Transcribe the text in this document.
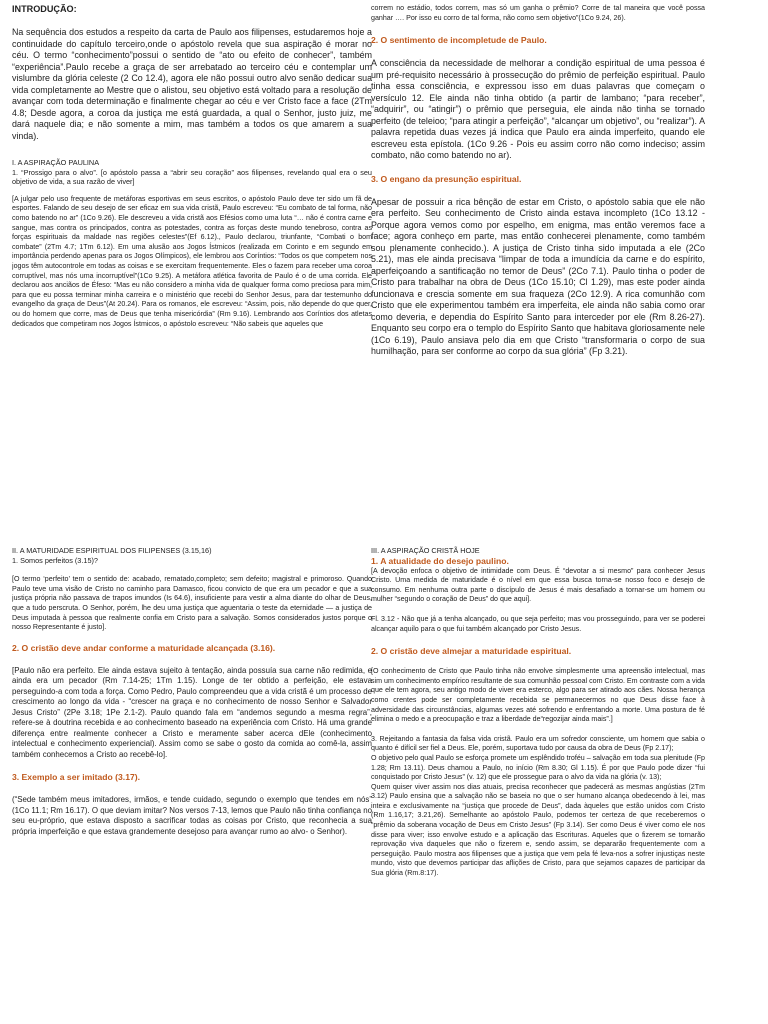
INTRODUÇÃO:

Na sequência dos estudos a respeito da carta de Paulo aos filipenses, estudaremos hoje a continuidade do capítulo terceiro,onde o apóstolo revela que sua aspiração é morar no céu. O termo “conhecimento”possui o sentido de “ato ou efeito de conhecer”, também “experiência”.Paulo recebe a graça de ser arrebatado ao terceiro céu e contemplar um vislumbre da glória celeste (2 Co 12.4), agora ele não possui outro alvo senão dedicar sua vida completamente ao Mestre que o alistou, seu objetivo está voltado para a resolução de avançar com toda determinação e finalmente chegar ao céu e ver Cristo face a face (2Tm 4.8; Desde agora, a coroa da justiça me está guardada, a qual o Senhor, justo juiz, me dará naquele dia; e não somente a mim, mas também a todos os que amarem a sua vinda).

I. A ASPIRAÇÃO PAULINA

1. “Prossigo para o alvo”. [o apóstolo passa a “abrir seu coração” aos filipenses, revelando qual era o seu objetivo de vida, a sua razão de viver]

[A julgar pelo uso frequente de metáforas esportivas em seus escritos, o apóstolo Paulo deve ter sido um fã de esportes. Falando de seu desejo de ser eficaz em sua vida cristã, Paulo escreveu: “Eu combato de tal forma, não como batendo no ar” (1Co 9.26). Ele descreveu a vida cristã aos Efésios como uma luta “… não é contra carne e sangue, mas contra os principados, contra as potestades, contra as forças deste mundo tenebroso, contra as forças espirituais da maldade nas regiões celestes”(Ef 6.12)., Paulo declarou, triunfante, “Combati o bom combate” (2Tm 4.7; 1Tm 6.12). Em uma alusão aos Jogos Ístmicos (realizada em Corinto e em segundo em importância perdendo apenas para os Jogos Olímpicos), ele lembrou aos Coríntios: “Todos os que competem nos jogos têm autocontrole em todas as coisas e se exercitam frequentemente. Eles o fazem para receber uma coroa corruptível, mas nós uma incorruptível”(1Co 9.25). A metáfora atlética favorita de Paulo é o de uma corrida. Ele declarou aos anciãos de Éfeso: “Mas eu não considero a minha vida de qualquer forma como preciosa para mim, para que eu possa terminar minha carreira e o ministério que recebi do Senhor Jesus, para dar testemunho do evangelho da graça de Deus”(At 20.24). Para os romanos, ele escreveu: “Assim, pois, não depende do que quer, ou do homem que corre, mas de Deus que tenha misericórdia” (Rm 9.16). Lembrando aos Coríntios dos atletas dedicados que competiram nos Jogos Ístmicos, o apóstolo escreveu: “Não sabeis que aqueles que

correm no estádio, todos correm, mas só um ganha o prêmio? Corre de tal maneira que você possa ganhar …. Por isso eu corro de tal forma, não como sem objetivo”(1Co 9.24, 26).

2. O sentimento de incompletude de Paulo.

A consciência da necessidade de melhorar a condição espiritual de uma pessoa é um pré-requisito necessário à prossecução do prêmio de perfeição espiritual. Paulo tinha essa consciência, e expressou isso em duas palavras que começam o versículo 12. Ele ainda não tinha obtido (a partir de lambano; “para receber”, “adquirir”, ou “atingir”) o prêmio que perseguia, ele ainda não tinha se tornado perfeito (de teleioo; “para atingir a perfeição”, “alcançar um objetivo”, ou “realizar”). A palavra repetida duas vezes já indica que Paulo era ainda imperfeito, quando ele escreveu esta epístola. (1Co 9.26 - Pois eu assim corro não como indeciso; assim combato, não como batendo no ar).

3. O engano da presunção espiritual.

Apesar de possuir a rica bênção de estar em Cristo, o apóstolo sabia que ele não era perfeito. Seu conhecimento de Cristo ainda estava incompleto (1Co 13.12 - Porque agora vemos como por espelho, em enigma, mas então veremos face a face; agora conheço em parte, mas então conhecerei plenamente, como também sou plenamente conhecido.). A justiça de Cristo tinha sido imputada a ele (2Co 5.21), mas ele ainda precisava “limpar de toda a imundícia da carne e do espírito, aperfeiçoando a santificação no temor de Deus” (2Co 7.1). Paulo tinha o poder de Cristo para trabalhar na obra de Deus (1Co 15.10; Cl 1.29), mas este poder ainda funcionava e crescia somente em sua fraqueza (2Co 12.9). A rica comunhão com Cristo que ele experimentou também era imperfeita, ele ainda não sabia como orar como deveria, e dependia do Espírito Santo para interceder por ele (Rm 8.26-27). Enquanto seu corpo era o templo do Espírito Santo que habitava gloriosamente nele (1Co 6.19), Paulo ansiava pelo dia em que Cristo “transformaria o corpo de sua humilhação, para ser conforme ao corpo da sua glória” (Fp 3.21).

II. A MATURIDADE ESPIRITUAL DOS FILIPENSES (3.15,16)

1. Somos perfeitos (3.15)?

[O termo ‘perfeito’ tem o sentido de: acabado, rematado,completo; sem defeito; magistral e primoroso. Quando Paulo teve uma visão de Cristo no caminho para Damasco, ficou convicto de que era um pecador e que a sua justiça própria não passava de trapos imundos (Is 64.6), insuficiente para vestir a alma diante do olhar de Deus, que a tudo perscruta. O Senhor, porém, lhe deu uma justiça que aguentaria o teste da eternidade — a justiça de Deus imputada à pessoa que realmente confia em Cristo para a salvação. Somos considerados justos porque o nosso Representante é justo].

2. O cristão deve andar conforme a maturidade alcançada (3.16).

[Paulo não era perfeito. Ele ainda estava sujeito à tentação, ainda possuía sua carne não redimida, e ainda era um pecador (Rm 7.14-25; 1Tm 1.15). Longe de ter obtido a perfeição, ele estava perseguindo-a com toda a força. Como Pedro, Paulo compreendeu que a vida cristã é um processo de crescimento ao longo da vida - “crescer na graça e no conhecimento de nosso Senhor e Salvador Jesus Cristo” (2Pe 3.18; 1Pe 2.1-2). Paulo quando fala em “andemos segundo a mesma regra”, refere-se à doutrina recebida e ao conhecimento baseado na experiência com Cristo. Há uma grande diferença entre realmente conhecer a Cristo e meramente saber acerca dEle (conhecimento intelectual e conhecimento experiencial). Assim como se sabe o gosto da comida ao comê-la, assim também conhecemos a Cristo ao recebê-lo].

3. Exemplo a ser imitado (3.17).

(“Sede também meus imitadores, irmãos, e tende cuidado, segundo o exemplo que tendes em nós” (1Co 11.1; Rm 16.17). O que deviam imitar? Nos versos 7-13, lemos que Paulo não tinha confiança no seu eu-próprio, que estava disposto a sacrificar todas as coisas por Cristo, que reconhecia a sua própria imperfeição e que estava grandemente desejoso para avançar rumo ao alvo- o Senhor).

III. A ASPIRAÇÃO CRISTÃ HOJE

1. A atualidade do desejo paulino.

[A devoção enfoca o objetivo de intimidade com Deus. É “devotar a si mesmo” para conhecer Jesus Cristo. Uma medida de maturidade é o nível em que essa busca torna-se nosso foco e desejo de consumo. Em nenhuma outra parte o discípulo de Jesus é mais desafiado a tornar-se um homem ou mulher “segundo o coração de Deus” do que aqui].

Fl. 3.12 - Não que já a tenha alcançado, ou que seja perfeito; mas vou prosseguindo, para ver se poderei alcançar aquilo para o que fui também alcançado por Cristo Jesus.

2. O cristão deve almejar a maturidade espiritual.

[O conhecimento de Cristo que Paulo tinha não envolve simplesmente uma apreensão intelectual, mas sim um conhecimento empírico resultante de sua comunhão pessoal com Cristo. Em contraste com a vida que ele tem agora, seu antigo modo de viver era esterco, algo para ser atirado aos cães. Nossa herança como crentes pode ser completamente recebida se permanecermos no que Deus disse face à adversidade das circunstâncias, algumas vezes até sofrendo e enfrentando a morte. Uma postura de fé elimina o medo e a preocupação e traz a liberdade de“regozijar ainda mais”.]

3. Rejeitando a fantasia da falsa vida cristã. Paulo era um sofredor consciente, um homem que sabia o quanto é difícil ser fiel a Deus. Ele, porém, suportava tudo por causa da obra de Deus (Fp 2.17);

O objetivo pelo qual Paulo se esforça promete um esplêndido troféu – salvação em toda sua plenitude (Fp 1.28; Rm 13.11). Deus chamou a Paulo, no início (Rm 8.30; Gl 1.15). É por que Paulo pode dizer “fui conquistado por Cristo Jesus” (v. 12) que ele prossegue para o alvo da vida na glória (v. 13);

Quem quiser viver assim nos dias atuais, precisa reconhecer que padecerá as mesmas angústias (2Tm 3.12) Paulo ensina que a salvação não se baseia no que o ser humano alcança obedecendo à lei, mas inteira e exclusivamente na “justiça que procede de Deus”, dada àqueles que estão unidos com Cristo (Rm 1.16,17; 3.21,26). Semelhante ao apóstolo Paulo, podemos ter certeza de que receberemos o “prêmio da soberana vocação de Deus em Cristo Jesus” (Fp 3.14). Ser como Deus é viver como ele nos disse para viver; isso envolve estudo e a aplicação das Escrituras. Aqueles que o fizerem se tornarão reprovação viva daqueles que não o fizerem e, sendo assim, se depararão frequentemente com a perseguição. Paulo mostra aos filipenses que a justiça que vem pela fé leva-nos a sofrer injustiças neste mundo, visto que devemos participar das aflições de Cristo, para que sejamos capazes de participar da Sua glória (Rm.8:17).
